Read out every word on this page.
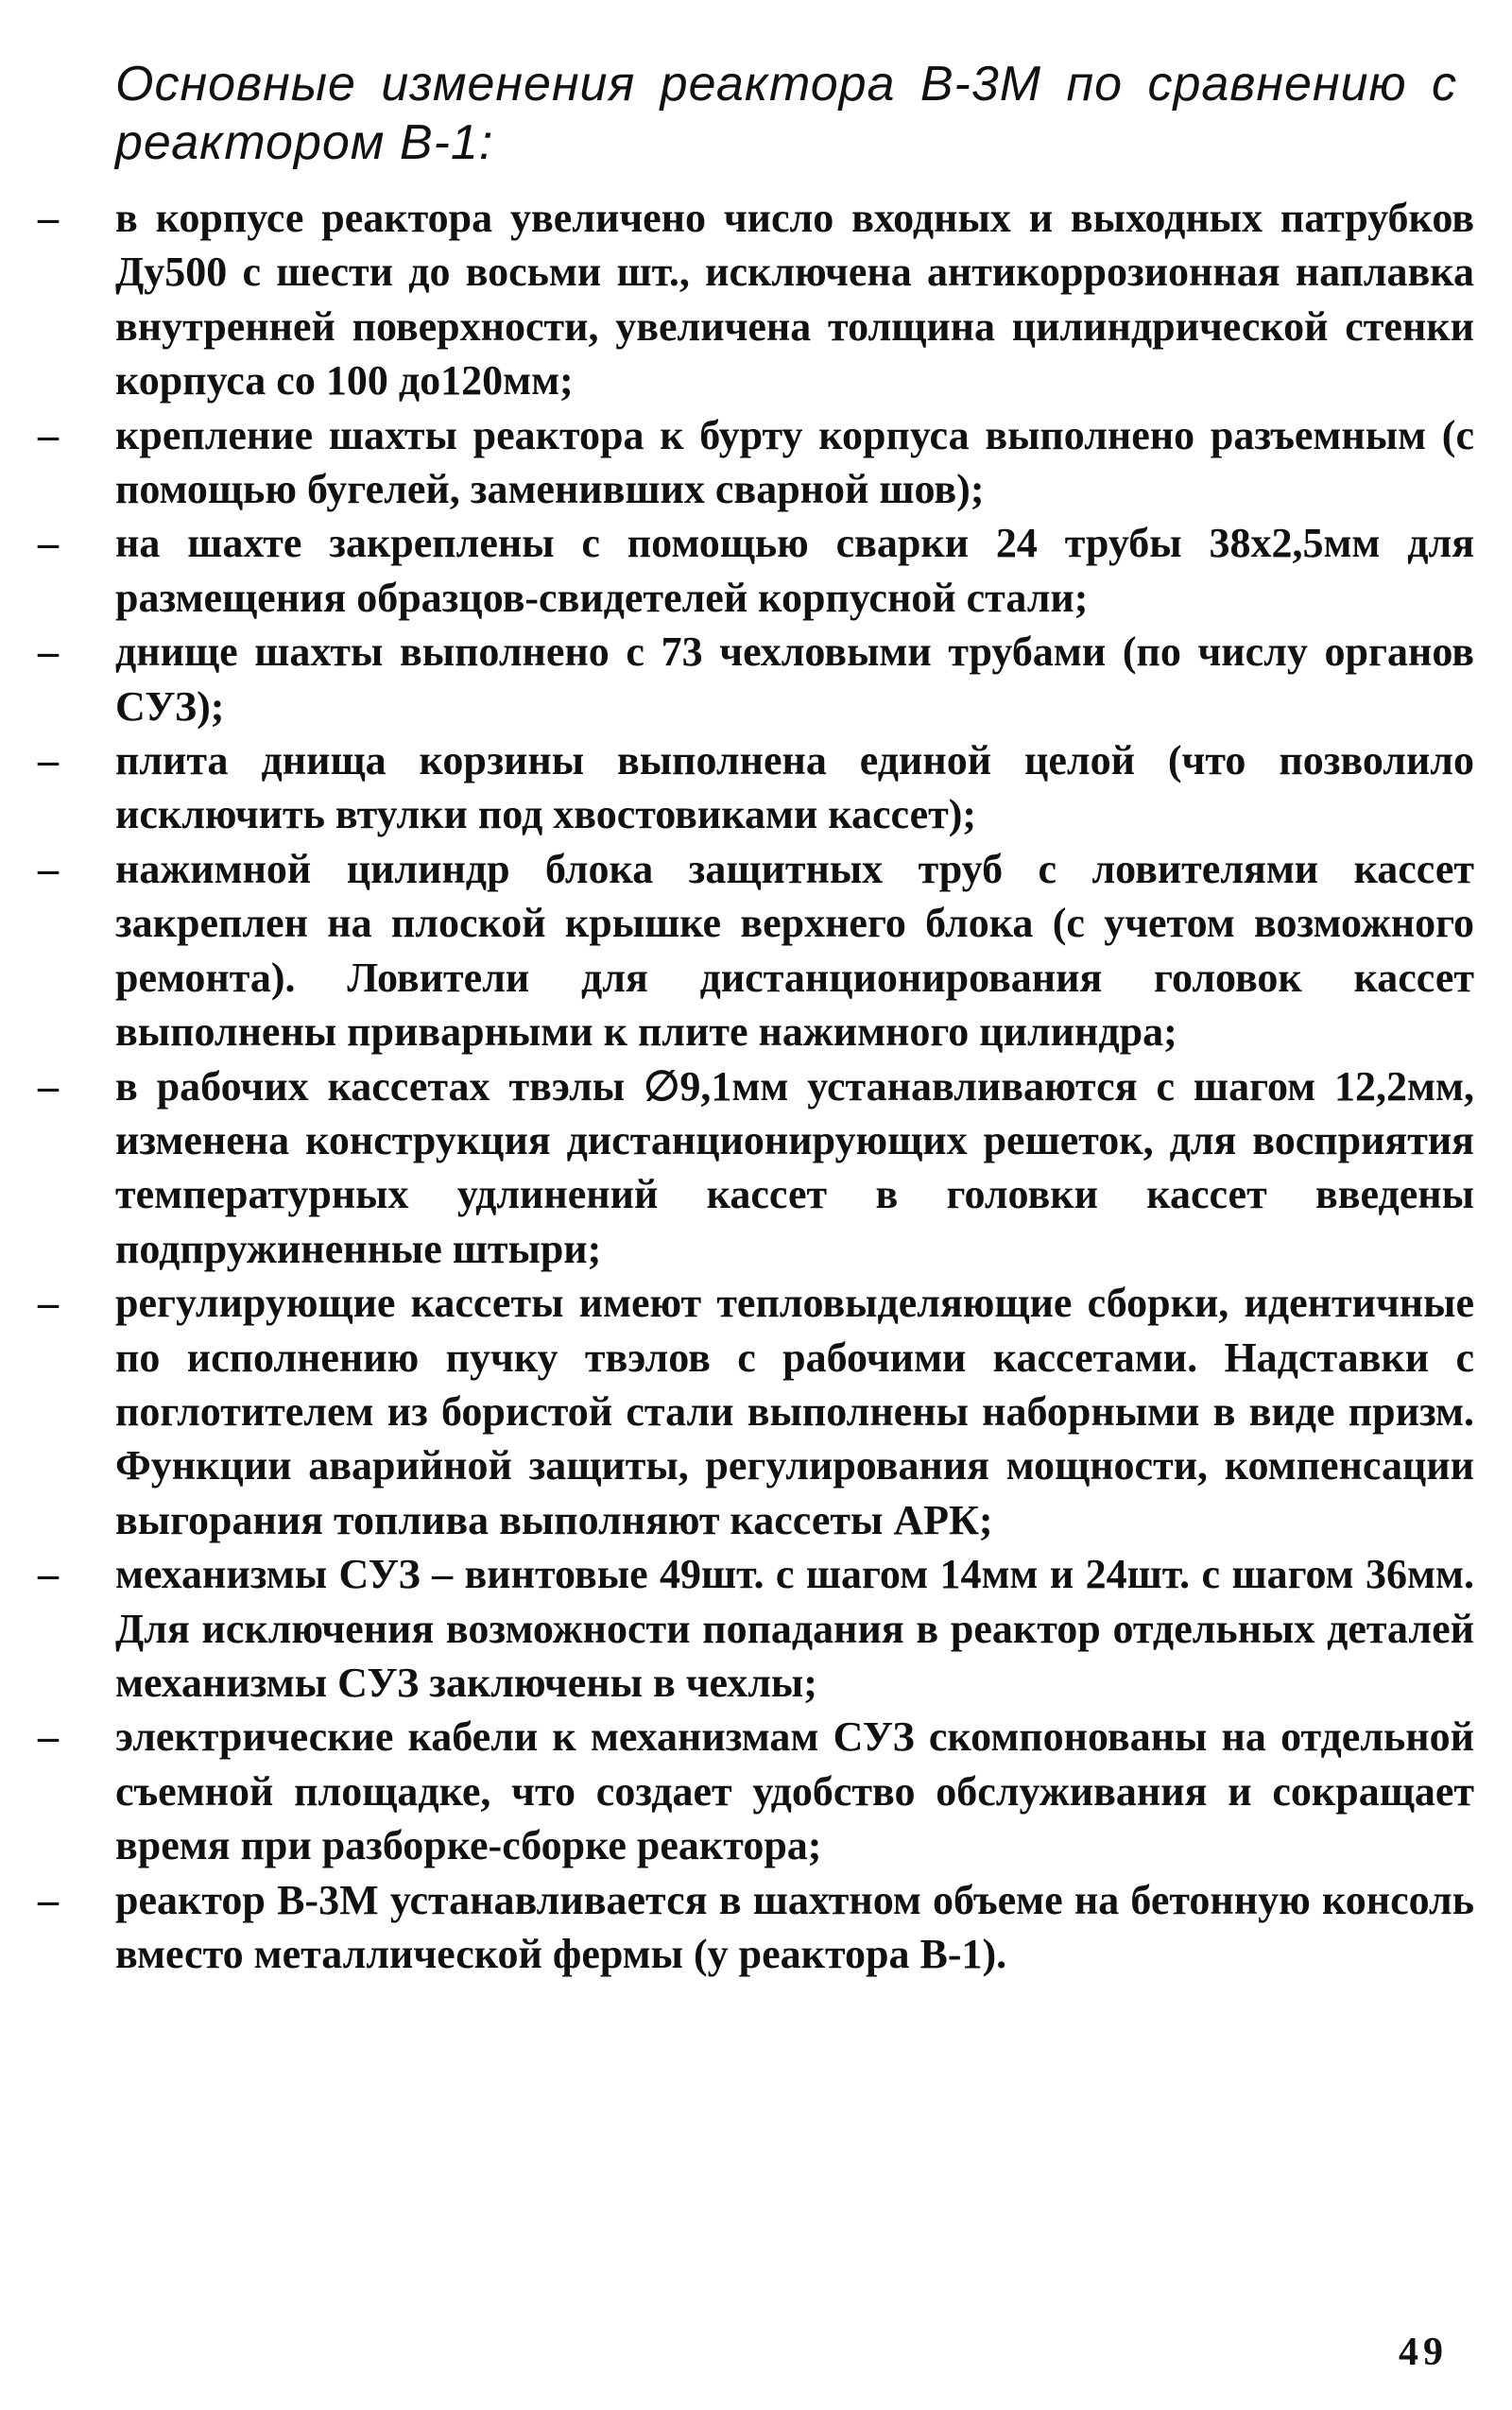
Основные изменения реактора В-3М по сравнению с реактором В-1:
– в корпусе реактора увеличено число входных и выходных патрубков Ду500 с шести до восьми шт., исключена антикоррозионная наплавка внутренней поверхности, увеличена толщина цилиндрической стенки корпуса со 100 до120мм;
– крепление шахты реактора к бурту корпуса выполнено разъемным (с помощью бугелей, заменивших сварной шов);
– на шахте закреплены с помощью сварки 24 трубы 38х2,5мм для размещения образцов-свидетелей корпусной стали;
– днище шахты выполнено с 73 чехловыми трубами (по числу органов СУЗ);
– плита днища корзины выполнена единой целой (что позволило исключить втулки под хвостовиками кассет);
– нажимной цилиндр блока защитных труб с ловителями кассет закреплен на плоской крышке верхнего блока (с учетом возможного ремонта). Ловители для дистанционирования головок кассет выполнены приварными к плите нажимного цилиндра;
– в рабочих кассетах твэлы ∅9,1мм устанавливаются с шагом 12,2мм, изменена конструкция дистанционирующих решеток, для восприятия температурных удлинений кассет в головки кассет введены подпружиненные штыри;
– регулирующие кассеты имеют тепловыделяющие сборки, идентичные по исполнению пучку твэлов с рабочими кассетами. Надставки с поглотителем из бористой стали выполнены наборными в виде призм. Функции аварийной защиты, регулирования мощности, компенсации выгорания топлива выполняют кассеты АРК;
– механизмы СУЗ – винтовые 49шт. с шагом 14мм и 24шт. с шагом 36мм. Для исключения возможности попадания в реактор отдельных деталей механизмы СУЗ заключены в чехлы;
– электрические кабели к механизмам СУЗ скомпонованы на отдельной съемной площадке, что создает удобство обслуживания и сокращает время при разборке-сборке реактора;
– реактор В-3М устанавливается в шахтном объеме на бетонную консоль вместо металлической фермы (у реактора В-1).
49
